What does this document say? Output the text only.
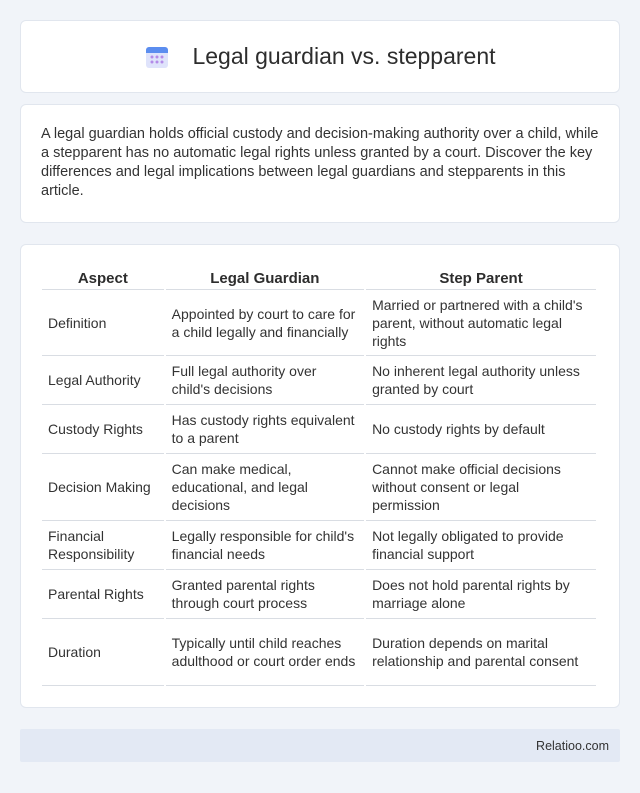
Legal guardian vs. stepparent

A legal guardian holds official custody and decision-making authority over a child, while a stepparent has no automatic legal rights unless granted by a court. Discover the key differences and legal implications between legal guardians and stepparents in this article.

Aspect	Legal Guardian	Step Parent
Definition	Appointed by court to care for a child legally and financially	Married or partnered with a child's parent, without automatic legal rights
Legal Authority	Full legal authority over child's decisions	No inherent legal authority unless granted by court
Custody Rights	Has custody rights equivalent to a parent	No custody rights by default
Decision Making	Can make medical, educational, and legal decisions	Cannot make official decisions without consent or legal permission
Financial Responsibility	Legally responsible for child's financial needs	Not legally obligated to provide financial support
Parental Rights	Granted parental rights through court process	Does not hold parental rights by marriage alone
Duration	Typically until child reaches adulthood or court order ends	Duration depends on marital relationship and parental consent
Relatioo.com
